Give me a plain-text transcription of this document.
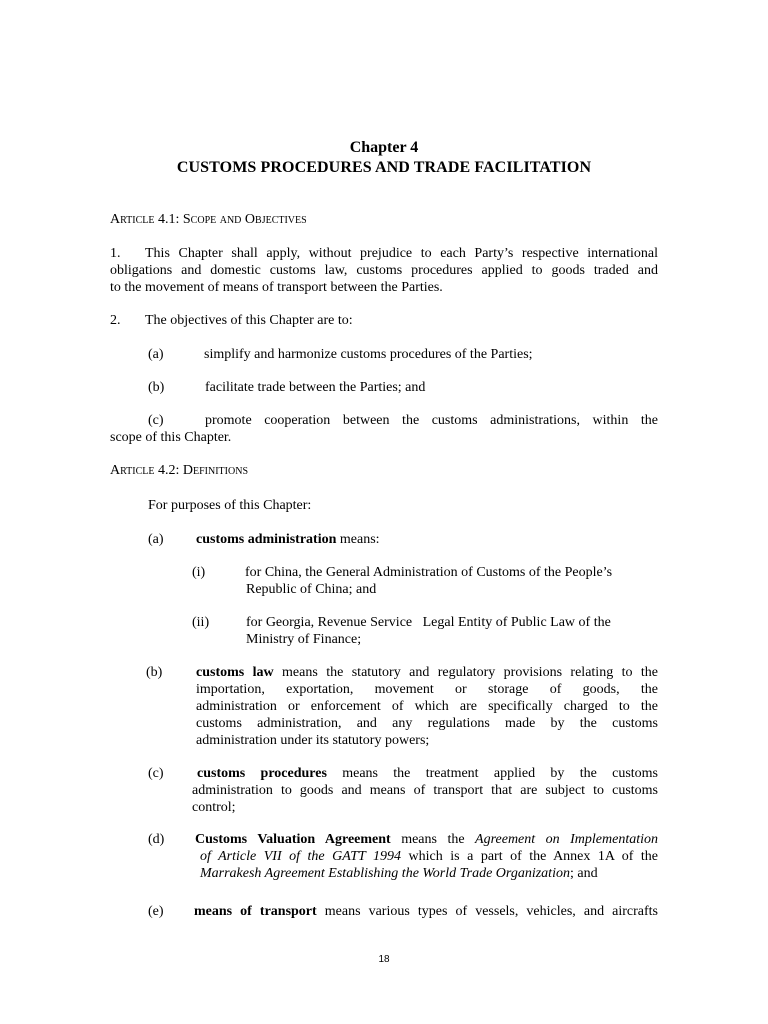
Chapter 4
CUSTOMS PROCEDURES AND TRADE FACILITATION
Article 4.1: Scope and Objectives
1.	This Chapter shall apply, without prejudice to each Party’s respective international
obligations and domestic customs law, customs procedures applied to goods traded and
to the movement of means of transport between the Parties.
2. The objectives of this Chapter are to:
(a)	simplify and harmonize customs procedures of the Parties;
(b)	facilitate trade between the Parties; and
(c)	promote cooperation between the customs administrations, within the
scope of this Chapter.
Article 4.2: Definitions
For purposes of this Chapter:
(a) customs administration means:
(i)	for China, the General Administration of Customs of the People’s
Republic of China; and
(ii)	for Georgia, Revenue Service   Legal Entity of Public Law of the
Ministry of Finance;
(b) customs law means the statutory and regulatory provisions relating to the
importation, exportation, movement or storage of goods, the
administration or enforcement of which are specifically charged to the
customs administration, and any regulations made by the customs
administration under its statutory powers;
(c)	customs procedures means the treatment applied by the customs
administration to goods and means of transport that are subject to customs
control;
(d) Customs Valuation Agreement means the Agreement on Implementation
of Article VII of the GATT 1994 which is a part of the Annex 1A of the
Marrakesh Agreement Establishing the World Trade Organization; and
(e) means of transport means various types of vessels, vehicles, and aircrafts
18
